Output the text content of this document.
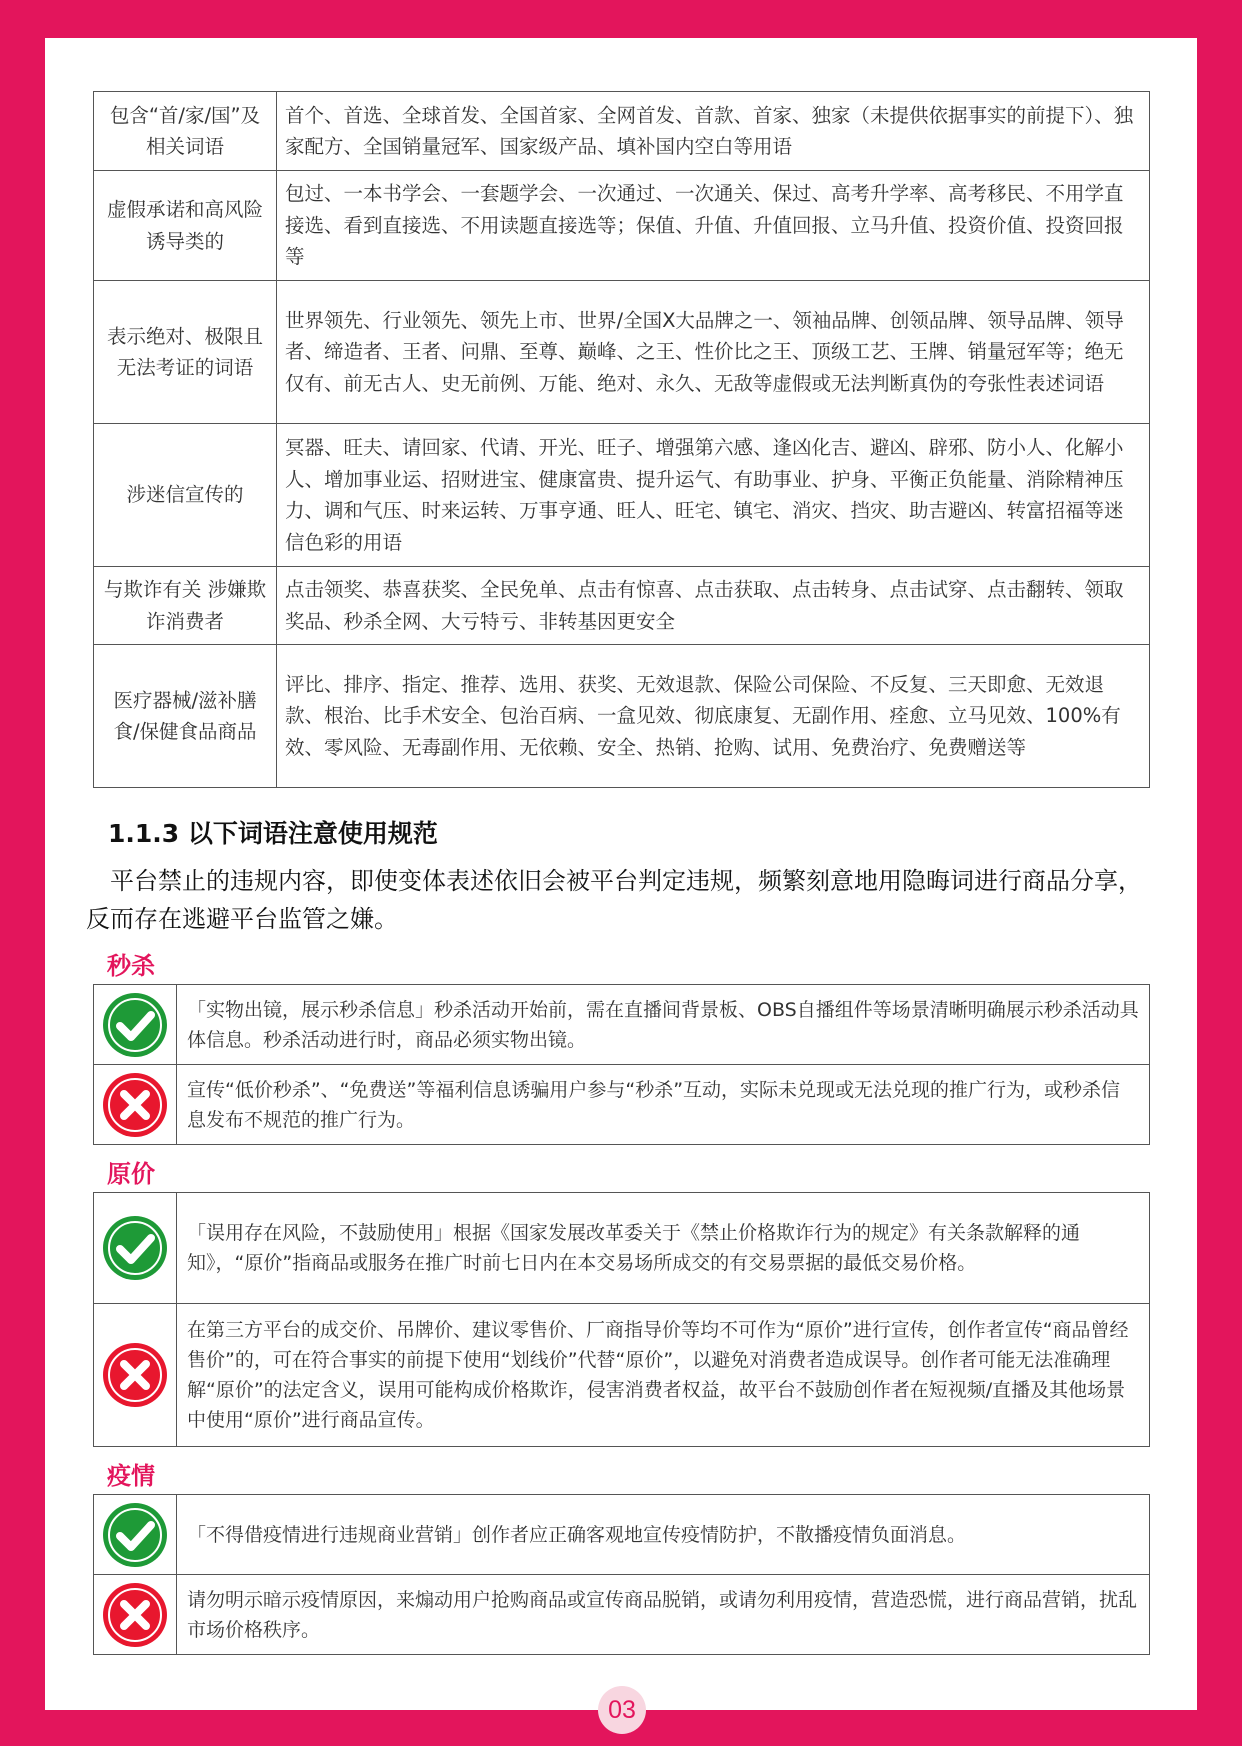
包含“首/家/国”及相关词语	首个、首选、全球首发、全国首家、全网首发、首款、首家、独家（未提供依据事实的前提下）、独家配方、全国销量冠军、国家级产品、填补国内空白等用语
虚假承诺和高风险诱导类的	包过、一本书学会、一套题学会、一次通过、一次通关、保过、高考升学率、高考移民、不用学直接选、看到直接选、不用读题直接选等；保值、升值、升值回报、立马升值、投资价值、投资回报等
表示绝对、极限且无法考证的词语	世界领先、行业领先、领先上市、世界/全国X大品牌之一、领袖品牌、创领品牌、领导品牌、领导者、缔造者、王者、问鼎、至尊、巅峰、之王、性价比之王、顶级工艺、王牌、销量冠军等；绝无仅有、前无古人、史无前例、万能、绝对、永久、无敌等虚假或无法判断真伪的夸张性表述词语
涉迷信宣传的	冥器、旺夫、请回家、代请、开光、旺子、增强第六感、逢凶化吉、避凶、辟邪、防小人、化解小人、增加事业运、招财进宝、健康富贵、提升运气、有助事业、护身、平衡正负能量、消除精神压力、调和气压、时来运转、万事亨通、旺人、旺宅、镇宅、消灾、挡灾、助吉避凶、转富招福等迷信色彩的用语
与欺诈有关 涉嫌欺诈消费者	点击领奖、恭喜获奖、全民免单、点击有惊喜、点击获取、点击转身、点击试穿、点击翻转、领取奖品、秒杀全网、大亏特亏、非转基因更安全
医疗器械/滋补膳食/保健食品商品	评比、排序、指定、推荐、选用、获奖、无效退款、保险公司保险、不反复、三天即愈、无效退款、根治、比手术安全、包治百病、一盒见效、彻底康复、无副作用、痊愈、立马见效、100%有效、零风险、无毒副作用、无依赖、安全、热销、抢购、试用、免费治疗、免费赠送等
1.1.3 以下词语注意使用规范

平台禁止的违规内容，即使变体表述依旧会被平台判定违规，频繁刻意地用隐晦词进行商品分享，反而存在逃避平台监管之嫌。

秒杀
	「实物出镜，展示秒杀信息」秒杀活动开始前，需在直播间背景板、OBS自播组件等场景清晰明确展示秒杀活动具体信息。秒杀活动进行时，商品必须实物出镜。

	宣传“低价秒杀”、“免费送”等福利信息诱骗用户参与“秒杀”互动，实际未兑现或无法兑现的推广行为，或秒杀信息发布不规范的推广行为。
原价
	「误用存在风险，不鼓励使用」根据《国家发展改革委关于《禁止价格欺诈行为的规定》有关条款解释的通知》，“原价”指商品或服务在推广时前七日内在本交易场所成交的有交易票据的最低交易价格。

	在第三方平台的成交价、吊牌价、建议零售价、厂商指导价等均不可作为“原价”进行宣传，创作者宣传“商品曾经售价”的，可在符合事实的前提下使用“划线价”代替“原价”，以避免对消费者造成误导。创作者可能无法准确理解“原价”的法定含义，误用可能构成价格欺诈，侵害消费者权益，故平台不鼓励创作者在短视频/直播及其他场景中使用“原价”进行商品宣传。
疫情
	「不得借疫情进行违规商业营销」创作者应正确客观地宣传疫情防护，不散播疫情负面消息。

	请勿明示暗示疫情原因，来煽动用户抢购商品或宣传商品脱销，或请勿利用疫情，营造恐慌，进行商品营销，扰乱市场价格秩序。
03
